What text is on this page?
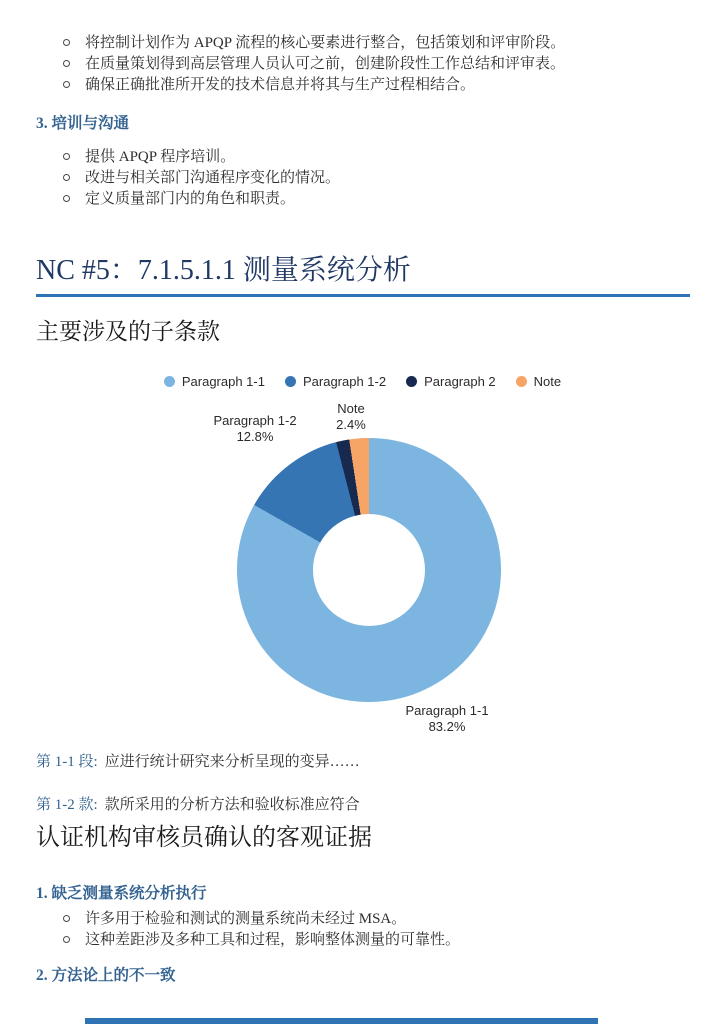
将控制计划作为 APQP 流程的核心要素进行整合，包括策划和评审阶段。
在质量策划得到高层管理人员认可之前，创建阶段性工作总结和评审表。
确保正确批准所开发的技术信息并将其与生产过程相结合。
3. 培训与沟通
提供 APQP 程序培训。
改进与相关部门沟通程序变化的情况。
定义质量部门内的角色和职责。
NC #5：7.1.5.1.1 测量系统分析
主要涉及的子条款
Paragraph 1-1	Paragraph 1-2	Paragraph 2	Note
Note
2.4%
Paragraph 1-2
12.8%
Paragraph 1-1
83.2%
第 1-1 段: 应进行统计研究来分析呈现的变异……
第 1-2 款: 款所采用的分析方法和验收标准应符合
认证机构审核员确认的客观证据
1. 缺乏测量系统分析执行
许多用于检验和测试的测量系统尚未经过 MSA。
这种差距涉及多种工具和过程，影响整体测量的可靠性。
2. 方法论上的不一致
